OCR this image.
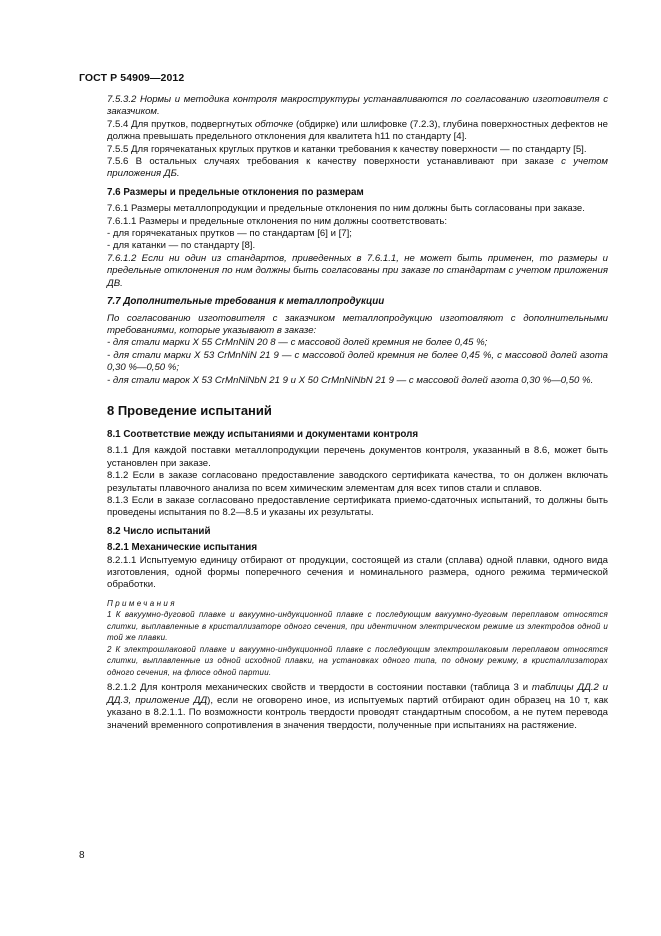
ГОСТ Р 54909—2012

7.5.3.2 Нормы и методика контроля макроструктуры устанавливаются по согласованию изготовителя с заказчиком.

7.5.4 Для прутков, подвергнутых обточке (обдирке) или шлифовке (7.2.3), глубина поверхностных дефектов не должна превышать предельного отклонения для квалитета h11 по стандарту [4].

7.5.5 Для горячекатаных круглых прутков и катанки требования к качеству поверхности — по стандарту [5].

7.5.6 В остальных случаях требования к качеству поверхности устанавливают при заказе с учетом приложения ДБ.

7.6 Размеры и предельные отклонения по размерам

7.6.1 Размеры металлопродукции и предельные отклонения по ним должны быть согласованы при заказе.

7.6.1.1 Размеры и предельные отклонения по ним должны соответствовать:

- для горячекатаных прутков — по стандартам [6] и [7];

- для катанки — по стандарту [8].

7.6.1.2 Если ни один из стандартов, приведенных в 7.6.1.1, не может быть применен, то размеры и предельные отклонения по ним должны быть согласованы при заказе по стандартам с учетом приложения ДВ.

7.7 Дополнительные требования к металлопродукции

По согласованию изготовителя с заказчиком металлопродукцию изготовляют с дополнительными требованиями, которые указывают в заказе:

- для стали марки Х 55 CrMnNiN 20 8 — с массовой долей кремния не более 0,45 %;

- для стали марки Х 53 CrMnNiN 21 9 — с массовой долей кремния не более 0,45 %, с массовой долей азота 0,30 %—0,50 %;

- для стали марок Х 53 CrMnNiNbN 21 9 и Х 50 CrMnNiNbN 21 9 — с массовой долей азота 0,30 %—0,50 %.

8 Проведение испытаний
8.1 Соответствие между испытаниями и документами контроля

8.1.1 Для каждой поставки металлопродукции перечень документов контроля, указанный в 8.6, может быть установлен при заказе.

8.1.2 Если в заказе согласовано предоставление заводского сертификата качества, то он должен включать результаты плавочного анализа по всем химическим элементам для всех типов стали и сплавов.

8.1.3 Если в заказе согласовано предоставление сертификата приемо-сдаточных испытаний, то должны быть проведены испытания по 8.2—8.5 и указаны их результаты.

8.2 Число испытаний
8.2.1 Механические испытания

8.2.1.1 Испытуемую единицу отбирают от продукции, состоящей из стали (сплава) одной плавки, одного вида изготовления, одной формы поперечного сечения и номинального размера, одного режима термической обработки.

Примечания

1 К вакуумно-дуговой плавке и вакуумно-индукционной плавке с последующим вакуумно-дуговым переплавом относятся слитки, выплавленные в кристаллизаторе одного сечения, при идентичном электрическом режиме из электродов одной и той же плавки.

2 К электрошлаковой плавке и вакуумно-индукционной плавке с последующим электрошлаковым переплавом относятся слитки, выплавленные из одной исходной плавки, на установках одного типа, по одному режиму, в кристаллизаторах одного сечения, на флюсе одной партии.

8.2.1.2 Для контроля механических свойств и твердости в состоянии поставки (таблица 3 и таблицы ДД.2 и ДД.3, приложение ДД), если не оговорено иное, из испытуемых партий отбирают один образец на 10 т, как указано в 8.2.1.1. По возможности контроль твердости проводят стандартным способом, а не путем перевода значений временного сопротивления в значения твердости, полученные при испытаниях на растяжение.

8
